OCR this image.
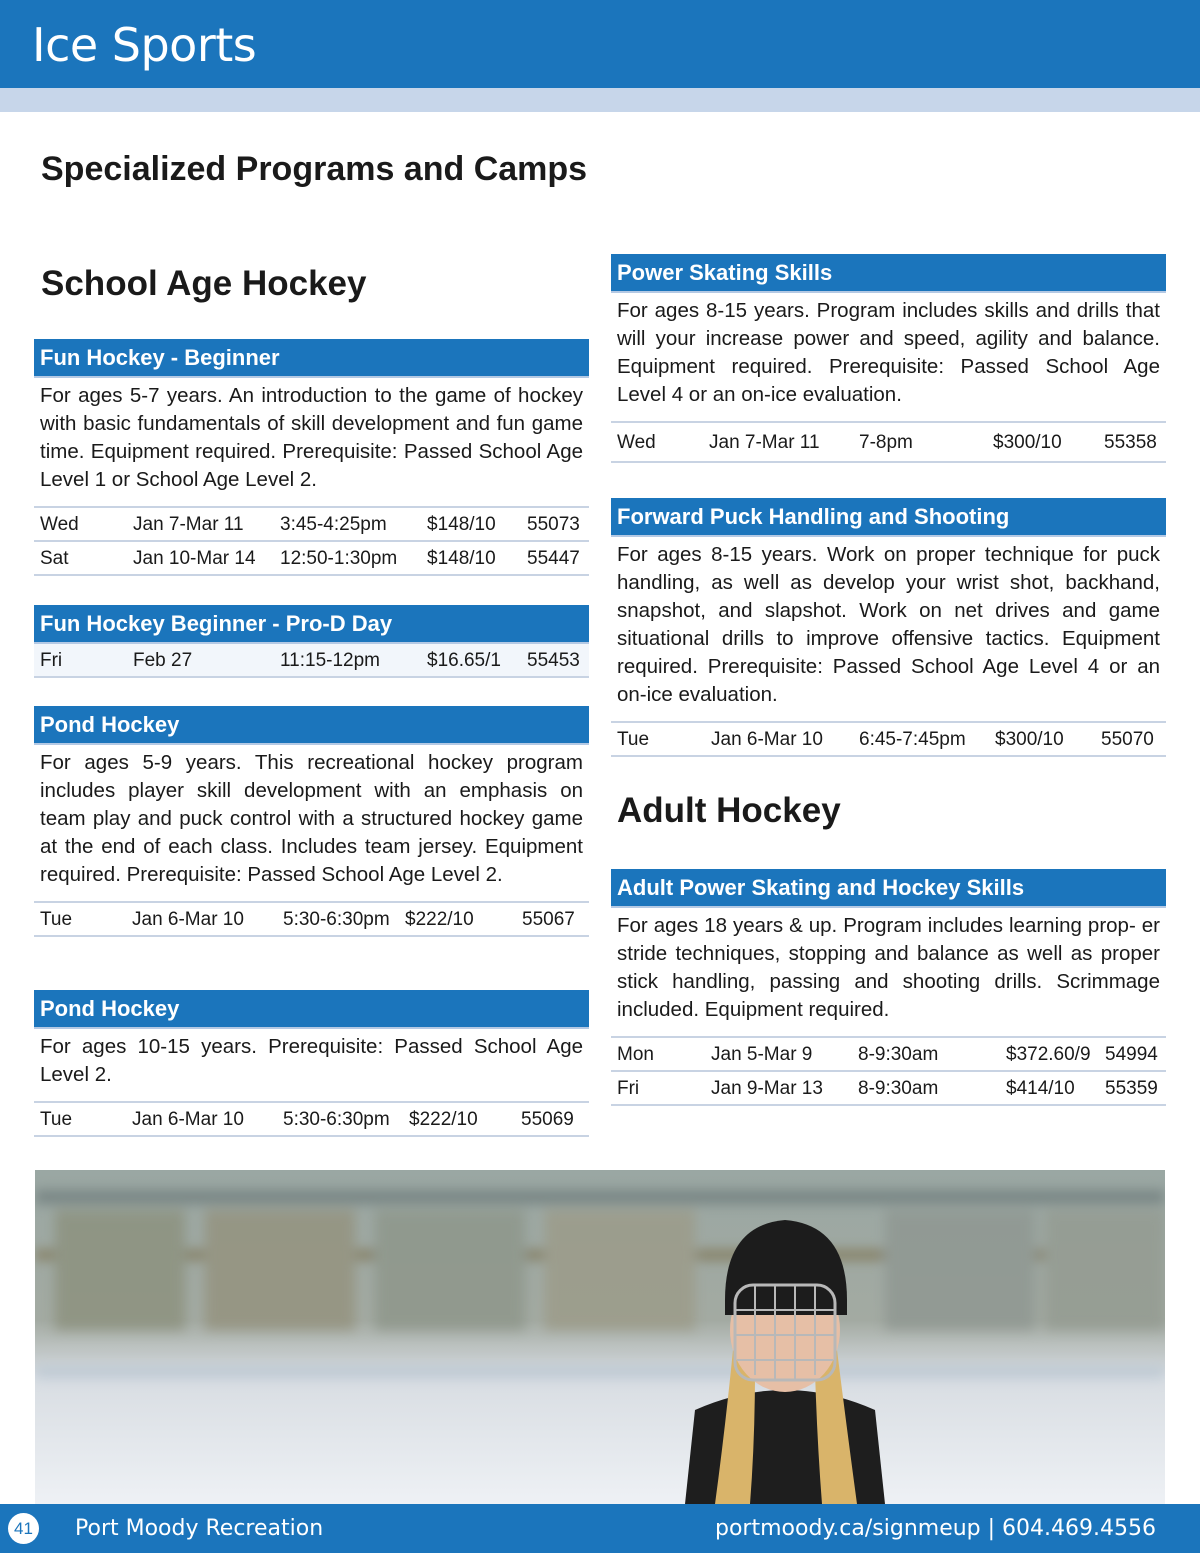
Ice Sports
Specialized Programs and Camps
School Age Hockey
Fun Hockey - Beginner
For ages 5-7 years. An introduction to the game of hockey with basic fundamentals of skill development and fun game time. Equipment required. Prerequisite: Passed School Age Level 1 or School Age Level 2.
Wed	Jan 7-Mar 11 3:45-4:25pm $148/10 55073
Sat	Jan 10-Mar 14 12:50-1:30pm $148/10 55447
Fun Hockey Beginner - Pro-D Day
Fri	Feb 27	11:15-12pm $16.65/1 55453
Pond Hockey
For ages 5-9 years. This recreational hockey program includes player skill development with an emphasis on team play and puck control with a structured hockey game at the end of each class. Includes team jersey. Equipment required. Prerequisite: Passed School Age Level 2.
Tue	Jan 6-Mar 10 5:30-6:30pm $222/10	55067
Pond Hockey
For ages 10-15 years. Prerequisite: Passed School Age Level 2.
Tue	Jan 6-Mar 10 5:30-6:30pm $222/10 55069
Power Skating Skills
For ages 8-15 years. Program includes skills and drills that will your increase power and speed, agility and balance. Equipment required. Prerequisite: Passed School Age Level 4 or an on-ice evaluation.
Wed	Jan 7-Mar 11 7-8pm	$300/10 55358
Forward Puck Handling and Shooting
For ages 8-15 years. Work on proper technique for puck handling, as well as develop your wrist shot, backhand, snapshot, and slapshot. Work on net drives and game situational drills to improve offensive tactics. Equipment required. Prerequisite: Passed School Age Level 4 or an on-ice evaluation.
Tue	Jan 6-Mar 10 6:45-7:45pm $300/10 55070
Adult Hockey
Adult Power Skating and Hockey Skills
For ages 18 years & up. Program includes learning prop- er stride techniques, stopping and balance as well as proper stick handling, passing and shooting drills. Scrimmage included. Equipment required.
Mon	Jan 5-Mar 9 8-9:30am	$372.60/9 54994
Fri	Jan 9-Mar 13 8-9:30am	$414/10 55359
41 Port Moody Recreation	portmoody.ca/signmeup | 604.469.4556
